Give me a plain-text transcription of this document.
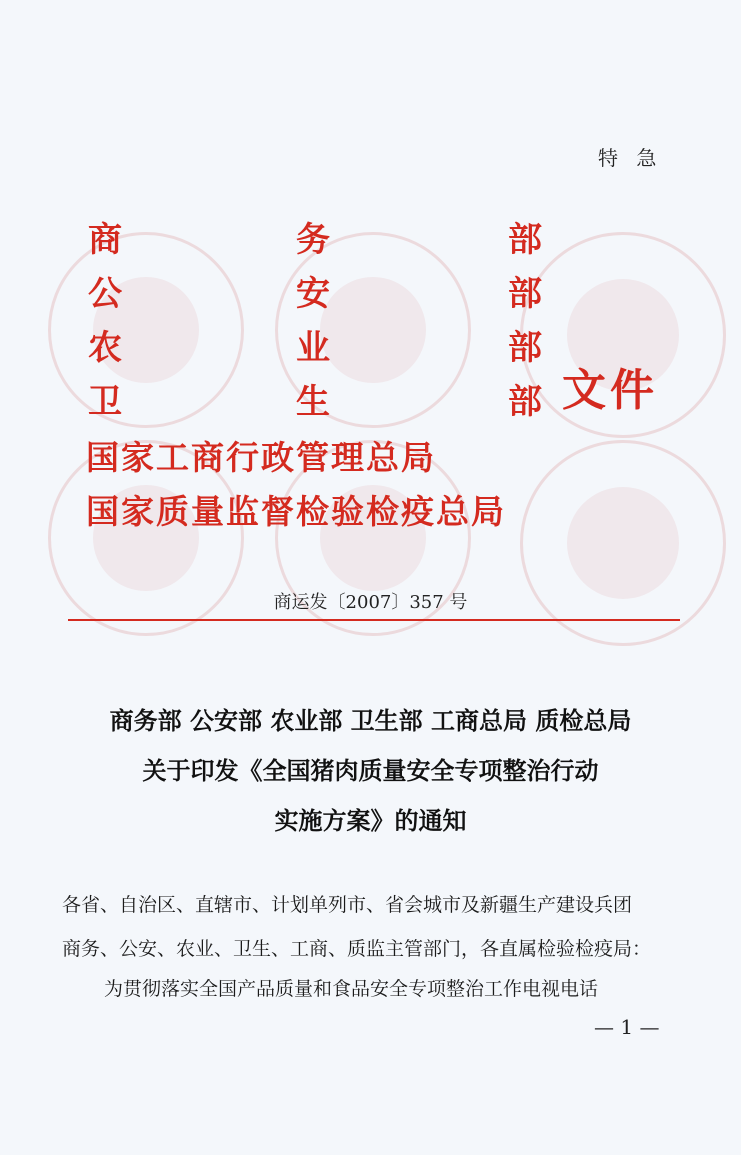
特 急
商	务	部
公	安	部
农	业	部
卫	生	部
国家工商行政管理总局
国家质量监督检验检疫总局
文件
商运发〔2007〕357 号
商务部 公安部 农业部 卫生部 工商总局 质检总局
关于印发《全国猪肉质量安全专项整治行动
实施方案》的通知
各省、自治区、直辖市、计划单列市、省会城市及新疆生产建设兵团
商务、公安、农业、卫生、工商、质监主管部门，各直属检验检疫局：
为贯彻落实全国产品质量和食品安全专项整治工作电视电话
— 1 —
